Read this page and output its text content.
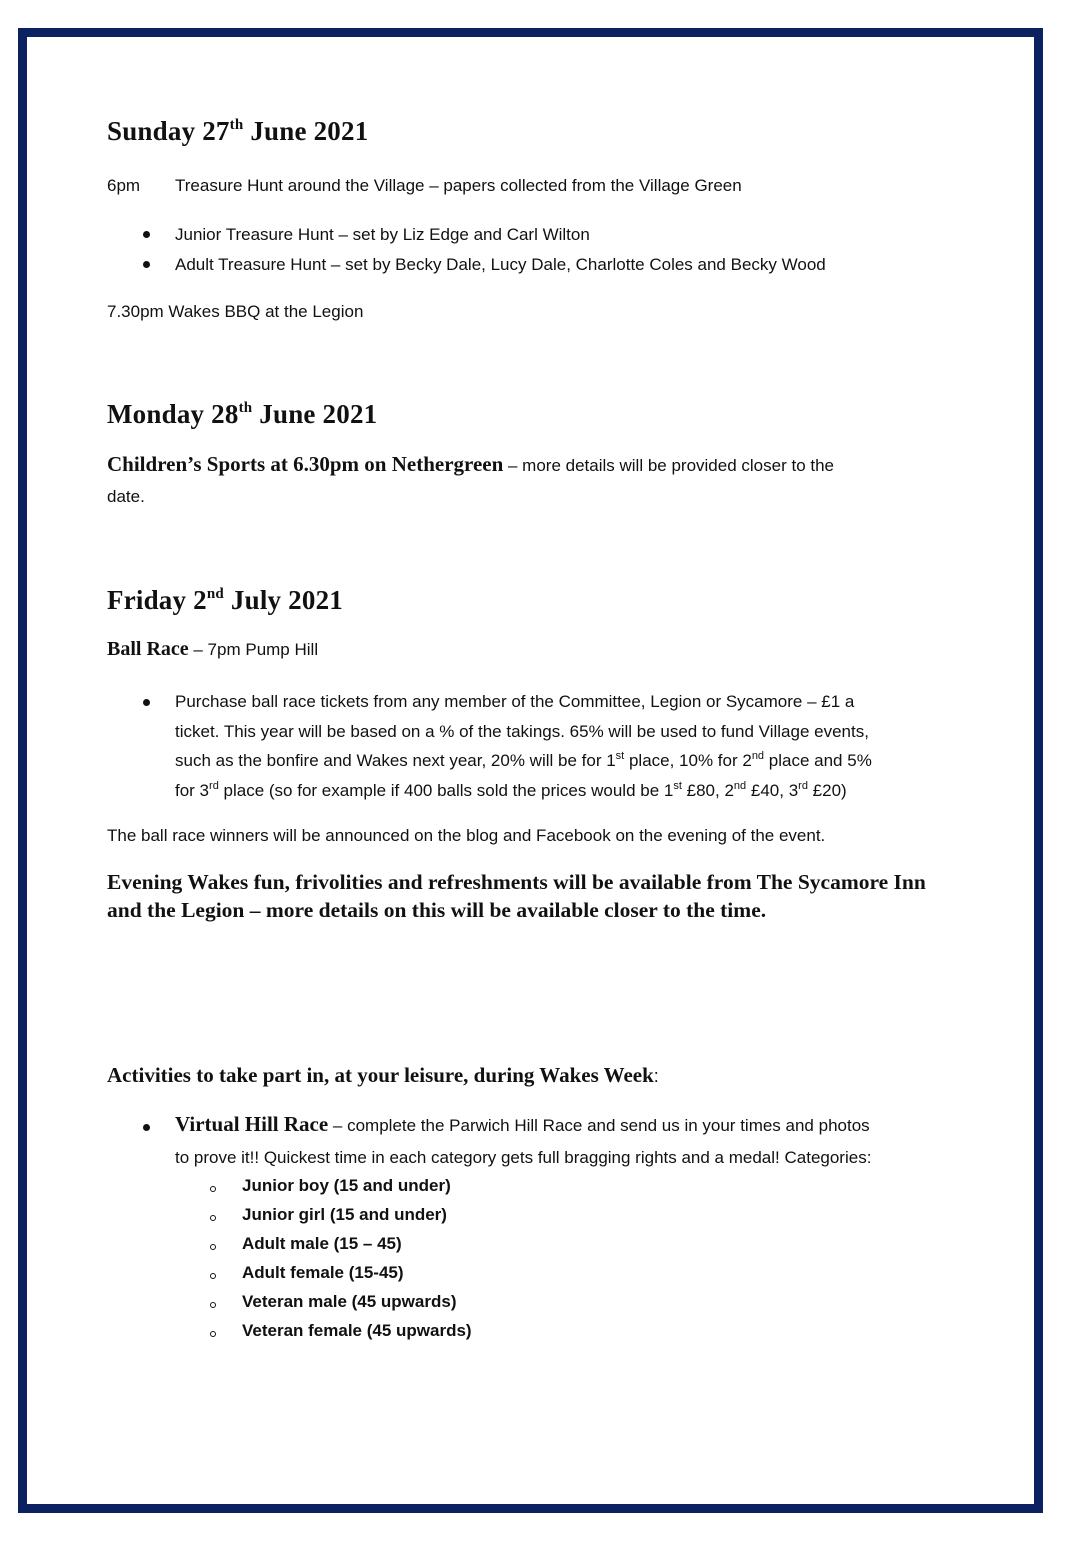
Sunday 27th June 2021
6pm Treasure Hunt around the Village – papers collected from the Village Green
Junior Treasure Hunt – set by Liz Edge and Carl Wilton
Adult Treasure Hunt – set by Becky Dale, Lucy Dale, Charlotte Coles and Becky Wood
7.30pm Wakes BBQ at the Legion
Monday 28th June 2021
Children’s Sports at 6.30pm on Nethergreen – more details will be provided closer to the
date.
Friday 2nd July 2021
Ball Race – 7pm Pump Hill
Purchase ball race tickets from any member of the Committee, Legion or Sycamore – £1 a
ticket. This year will be based on a % of the takings. 65% will be used to fund Village events,
such as the bonfire and Wakes next year, 20% will be for 1st place, 10% for 2nd place and 5%
for 3rd place (so for example if 400 balls sold the prices would be 1st £80, 2nd £40, 3rd £20)
The ball race winners will be announced on the blog and Facebook on the evening of the event.
Evening Wakes fun, frivolities and refreshments will be available from The Sycamore Inn and the Legion – more details on this will be available closer to the time.
Activities to take part in, at your leisure, during Wakes Week:
Virtual Hill Race – complete the Parwich Hill Race and send us in your times and photos
to prove it!! Quickest time in each category gets full bragging rights and a medal! Categories:
Junior boy (15 and under)
Junior girl (15 and under)
Adult male (15 – 45)
Adult female (15-45)
Veteran male (45 upwards)
Veteran female (45 upwards)
